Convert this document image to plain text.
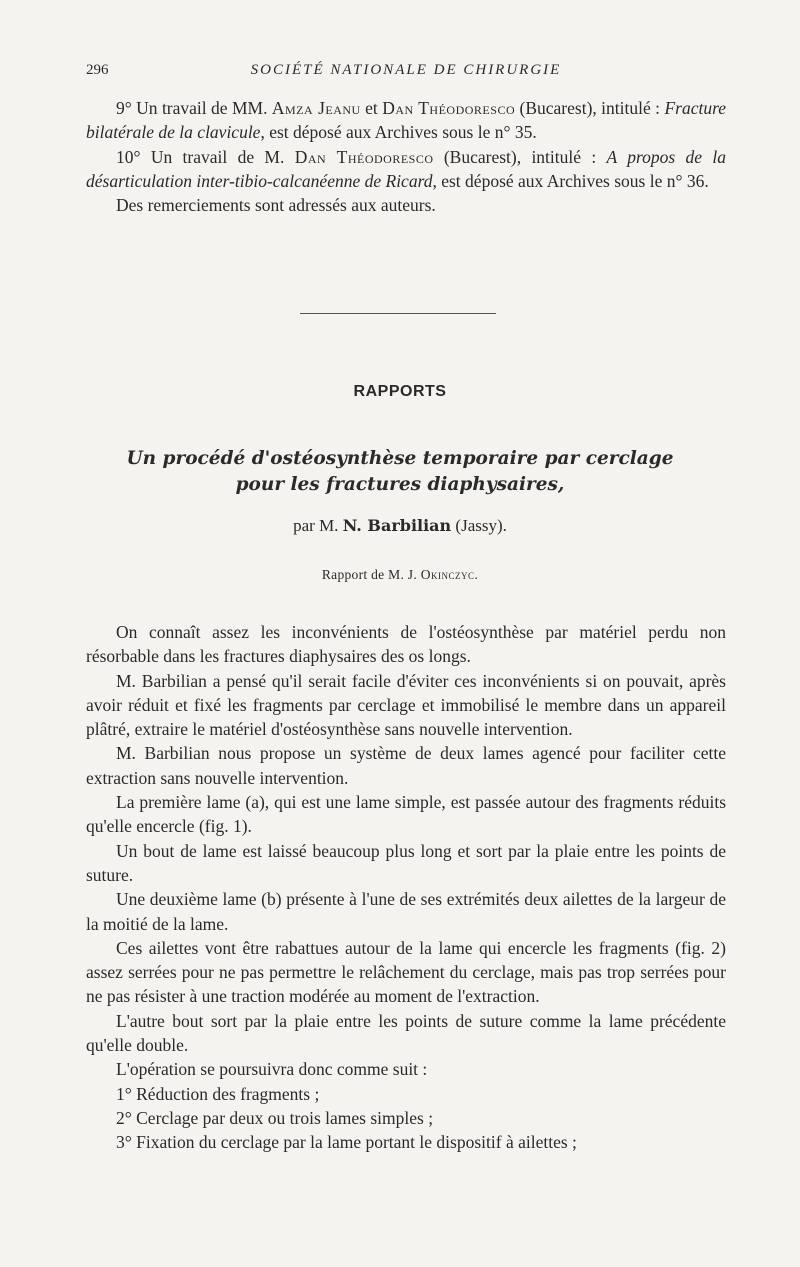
296	SOCIÉTÉ NATIONALE DE CHIRURGIE

9° Un travail de MM. Amza Jeanu et Dan Théodoresco (Bucarest), intitulé : Fracture bilatérale de la clavicule, est déposé aux Archives sous le n° 35.

10° Un travail de M. Dan Théodoresco (Bucarest), intitulé : A propos de la désarticulation inter-tibio-calcanéenne de Ricard, est déposé aux Archives sous le n° 36.

Des remerciements sont adressés aux auteurs.

RAPPORTS
Un procédé d'ostéosynthèse temporaire par cerclage
pour les fractures diaphysaires,
par M. N. Barbilian (Jassy).
Rapport de M. J. Okinczyc.

On connaît assez les inconvénients de l'ostéosynthèse par matériel perdu non résorbable dans les fractures diaphysaires des os longs.

M. Barbilian a pensé qu'il serait facile d'éviter ces inconvénients si on pouvait, après avoir réduit et fixé les fragments par cerclage et immobilisé le membre dans un appareil plâtré, extraire le matériel d'ostéosynthèse sans nouvelle intervention.

M. Barbilian nous propose un système de deux lames agencé pour faciliter cette extraction sans nouvelle intervention.

La première lame (a), qui est une lame simple, est passée autour des fragments réduits qu'elle encercle (fig. 1).

Un bout de lame est laissé beaucoup plus long et sort par la plaie entre les points de suture.

Une deuxième lame (b) présente à l'une de ses extrémités deux ailettes de la largeur de la moitié de la lame.

Ces ailettes vont être rabattues autour de la lame qui encercle les fragments (fig. 2) assez serrées pour ne pas permettre le relâchement du cerclage, mais pas trop serrées pour ne pas résister à une traction modérée au moment de l'extraction.

L'autre bout sort par la plaie entre les points de suture comme la lame précédente qu'elle double.

L'opération se poursuivra donc comme suit :

1° Réduction des fragments ;

2° Cerclage par deux ou trois lames simples ;

3° Fixation du cerclage par la lame portant le dispositif à ailettes ;
